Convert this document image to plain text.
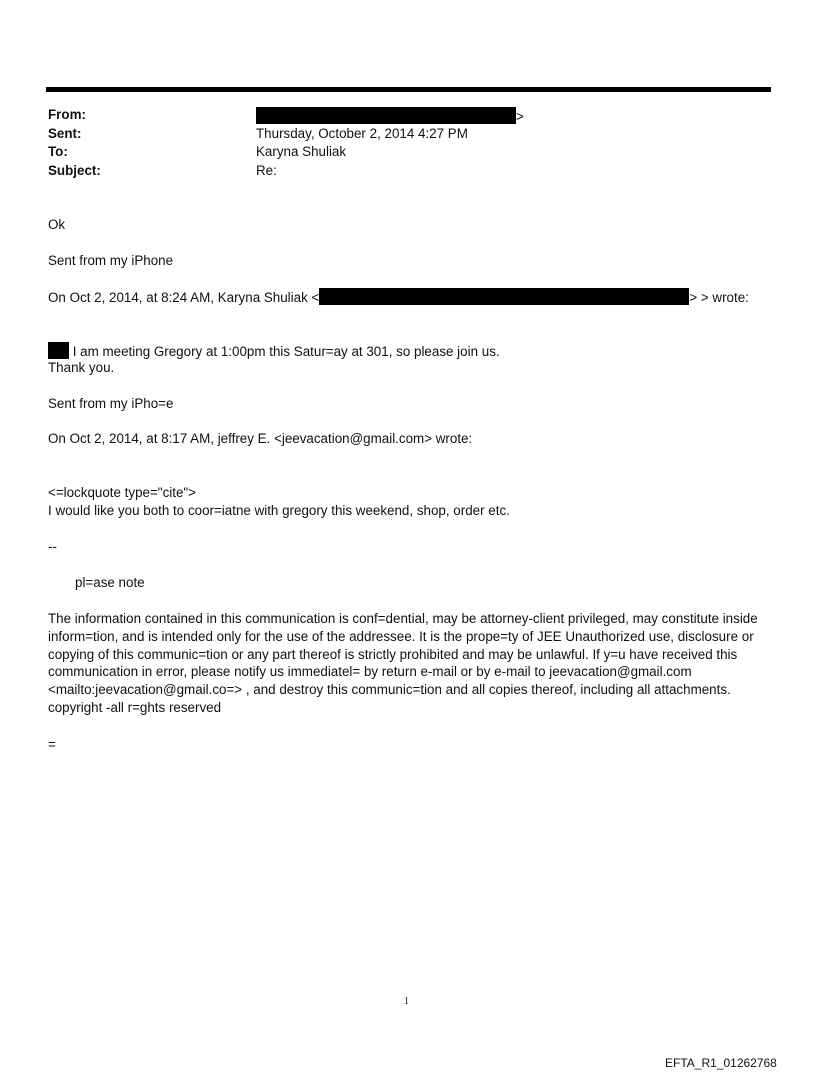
From:	>
Sent:	Thursday, October 2, 2014 4:27 PM
To:	Karyna Shuliak
Subject:	Re:
Ok
Sent from my iPhone
On Oct 2, 2014, at 8:24 AM, Karyna Shuliak <	> > wrote:
I am meeting Gregory at 1:00pm this Satur=ay at 301, so please join us.
Thank you.
Sent from my iPho=e
On Oct 2, 2014, at 8:17 AM, jeffrey E. <jeevacation@gmail.com> wrote:
<=lockquote type="cite">
I would like you both to coor=iatne with gregory this weekend, shop, order etc.
--
pl=ase note
The information contained in this communication is conf=dential, may be attorney-client privileged, may constitute inside inform=tion, and is intended only for the use of the addressee. It is the prope=ty of JEE Unauthorized use, disclosure or copying of this communic=tion or any part thereof is strictly prohibited and may be unlawful. If y=u have received this communication in error, please notify us immediatel= by return e-mail or by e-mail to jeevacation@gmail.com <mailto:jeevacation@gmail.co=> , and destroy this communic=tion and all copies thereof, including all attachments. copyright -all r=ghts reserved
=
1
EFTA_R1_01262768
